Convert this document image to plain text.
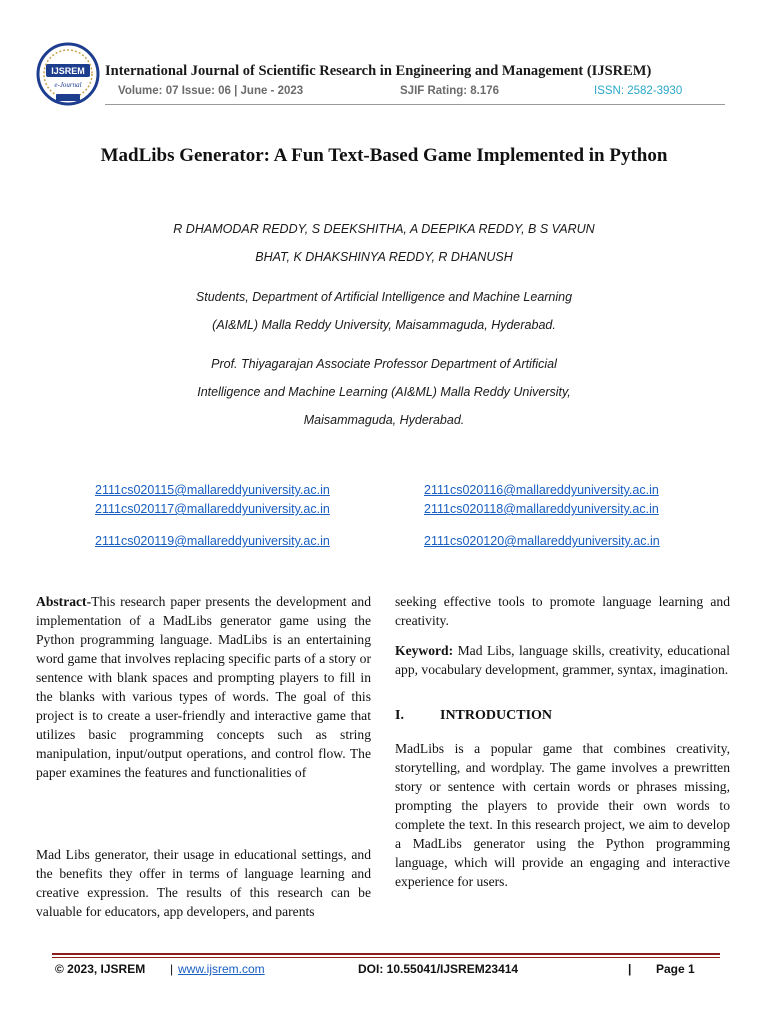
IJSREM
e-Journal
International Journal of Scientific Research in Engineering and Management (IJSREM)
Volume: 07 Issue: 06 | June - 2023	SJIF Rating: 8.176	ISSN: 2582-3930
MadLibs Generator: A Fun Text-Based Game Implemented in Python
R DHAMODAR REDDY, S DEEKSHITHA, A DEEPIKA REDDY, B S VARUN
BHAT, K DHAKSHINYA REDDY, R DHANUSH
Students, Department of Artificial Intelligence and Machine Learning
(AI&ML) Malla Reddy University, Maisammaguda, Hyderabad.
Prof. Thiyagarajan Associate Professor Department of Artificial
Intelligence and Machine Learning (AI&ML) Malla Reddy University,
Maisammaguda, Hyderabad.
2111cs020115@mallareddyuniversity.ac.in	2111cs020116@mallareddyuniversity.ac.in
2111cs020117@mallareddyuniversity.ac.in	2111cs020118@mallareddyuniversity.ac.in
2111cs020119@mallareddyuniversity.ac.in	2111cs020120@mallareddyuniversity.ac.in

Abstract-This research paper presents the development and implementation of a MadLibs generator game using the Python programming language. MadLibs is an entertaining word game that involves replacing specific parts of a story or sentence with blank spaces and prompting players to fill in the blanks with various types of words. The goal of this project is to create a user-friendly and interactive game that utilizes basic programming concepts such as string manipulation, input/output operations, and control flow. The paper examines the features and functionalities of

Mad Libs generator, their usage in educational settings, and the benefits they offer in terms of language learning and creative expression. The results of this research can be valuable for educators, app developers, and parents

seeking effective tools to promote language learning and creativity.

Keyword: Mad Libs, language skills, creativity, educational app, vocabulary development, grammer, syntax, imagination.

I.	INTRODUCTION

MadLibs is a popular game that combines creativity, storytelling, and wordplay. The game involves a prewritten story or sentence with certain words or phrases missing, prompting the players to provide their own words to complete the text. In this research project, we aim to develop a MadLibs generator using the Python programming language, which will provide an engaging and interactive experience for users.

© 2023, IJSREM | www.ijsrem.com	DOI: 10.55041/IJSREM23414	| Page 1
